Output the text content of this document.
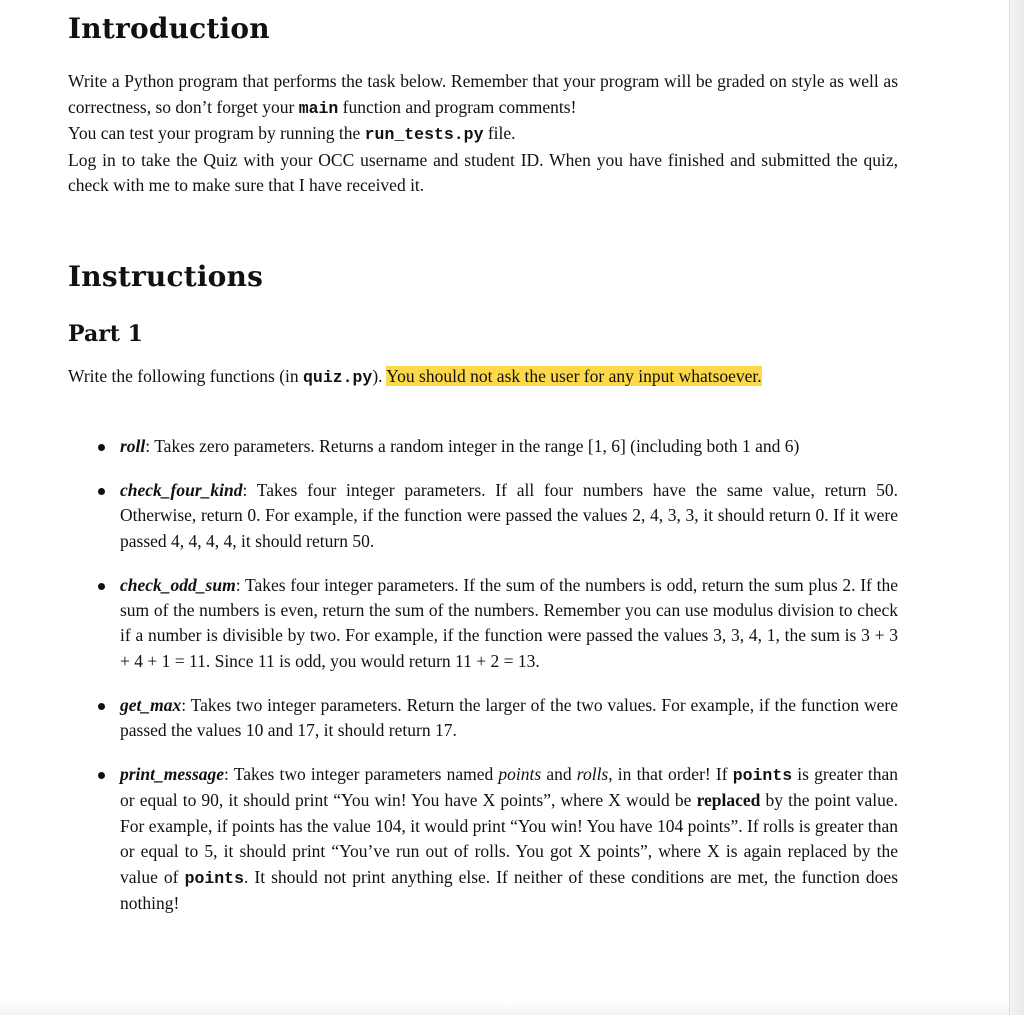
Introduction

Write a Python program that performs the task below. Remember that your program will be graded on style as well as correctness, so don’t forget your main function and program comments!

You can test your program by running the run_tests.py file.

Log in to take the Quiz with your OCC username and student ID. When you have finished and submitted the quiz, check with me to make sure that I have received it.

Instructions
Part 1

Write the following functions (in quiz.py). You should not ask the user for any input whatsoever.

roll: Takes zero parameters. Returns a random integer in the range [1, 6] (including both 1 and 6)
check_four_kind: Takes four integer parameters. If all four numbers have the same value, return 50. Otherwise, return 0. For example, if the function were passed the values 2, 4, 3, 3, it should return 0. If it were passed 4, 4, 4, 4, it should return 50.
check_odd_sum: Takes four integer parameters. If the sum of the numbers is odd, return the sum plus 2. If the sum of the numbers is even, return the sum of the numbers. Remember you can use modulus division to check if a number is divisible by two. For example, if the function were passed the values 3, 3, 4, 1, the sum is 3 + 3 + 4 + 1 = 11. Since 11 is odd, you would return 11 + 2 = 13.
get_max: Takes two integer parameters. Return the larger of the two values. For example, if the function were passed the values 10 and 17, it should return 17.
print_message: Takes two integer parameters named points and rolls, in that order! If points is greater than or equal to 90, it should print “You win! You have X points”, where X would be replaced by the point value. For example, if points has the value 104, it would print “You win! You have 104 points”. If rolls is greater than or equal to 5, it should print “You’ve run out of rolls. You got X points”, where X is again replaced by the value of points. It should not print anything else. If neither of these conditions are met, the function does nothing!
